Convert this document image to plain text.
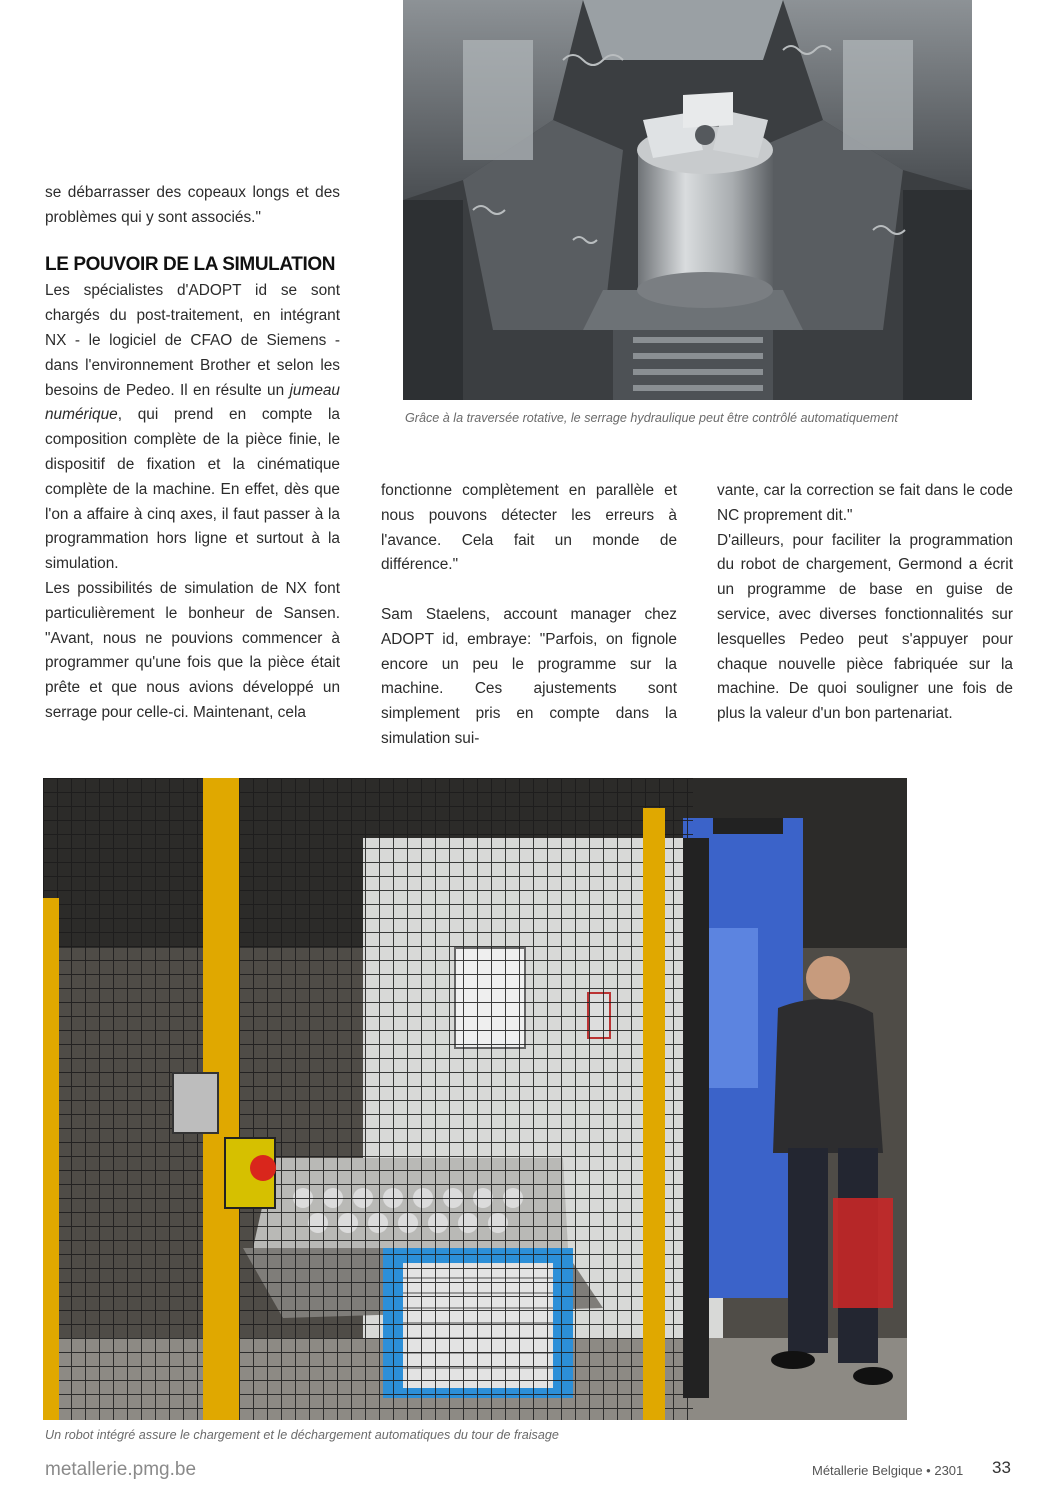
Grâce à la traversée rotative, le serrage hydraulique peut être contrôlé automatiquement

se débarrasser des copeaux longs et des problèmes qui y sont associés."

LE POUVOIR DE LA SIMULATION

Les spécialistes d'ADOPT id se sont chargés du post-traitement, en intégrant NX - le logiciel de CFAO de Siemens - dans l'environnement Brother et selon les besoins de Pedeo. Il en résulte un jumeau numérique, qui prend en compte la composition complète de la pièce finie, le dispositif de fixation et la cinématique complète de la machine. En effet, dès que l'on a affaire à cinq axes, il faut passer à la programmation hors ligne et surtout à la simulation.

Les possibilités de simulation de NX font particulièrement le bonheur de Sansen. "Avant, nous ne pouvions commencer à programmer qu'une fois que la pièce était prête et que nous avions développé un serrage pour celle-ci. Maintenant, cela

fonctionne complètement en parallèle et nous pouvons détecter les erreurs à l'avance. Cela fait un monde de différence."

Sam Staelens, account manager chez ADOPT id, embraye: "Parfois, on fignole encore un peu le programme sur la machine. Ces ajustements sont simplement pris en compte dans la simulation sui-

vante, car la correction se fait dans le code NC proprement dit."

D'ailleurs, pour faciliter la programmation du robot de chargement, Germond a écrit un programme de base en guise de service, avec diverses fonctionnalités sur lesquelles Pedeo peut s'appuyer pour chaque nouvelle pièce fabriquée sur la machine. De quoi souligner une fois de plus la valeur d'un bon partenariat.

Un robot intégré assure le chargement et le déchargement automatiques du tour de fraisage
metallerie.pmg.be	Métallerie Belgique • 2301 33
